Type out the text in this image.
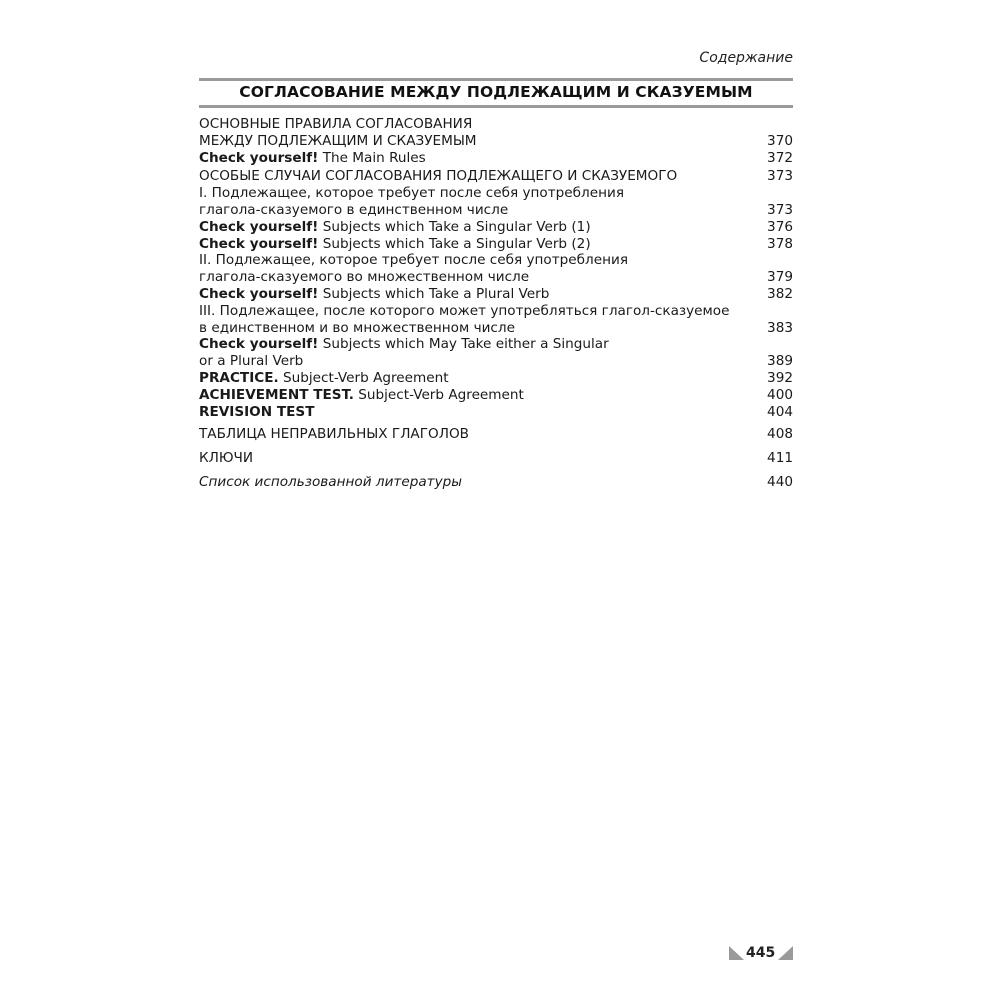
Содержание
СОГЛАСОВАНИЕ МЕЖДУ ПОДЛЕЖАЩИМ И СКАЗУЕМЫМ
ОСНОВНЫЕ ПРАВИЛА СОГЛАСОВАНИЯ
МЕЖДУ ПОДЛЕЖАЩИМ И СКАЗУЕМЫМ	370
Check yourself! The Main Rules	372
ОСОБЫЕ СЛУЧАИ СОГЛАСОВАНИЯ ПОДЛЕЖАЩЕГО И СКАЗУЕМОГО	373
I. Подлежащее, которое требует после себя употребления
глагола-сказуемого в единственном числе	373
Check yourself! Subjects which Take a Singular Verb (1)	376
Check yourself! Subjects which Take a Singular Verb (2)	378
II. Подлежащее, которое требует после себя употребления
глагола-сказуемого во множественном числе	379
Check yourself! Subjects which Take a Plural Verb	382
III. Подлежащее, после которого может употребляться глагол-сказуемое
в единственном и во множественном числе	383
Check yourself! Subjects which May Take either a Singular
or a Plural Verb	389
PRACTICE. Subject-Verb Agreement	392
ACHIEVEMENT TEST. Subject-Verb Agreement	400
REVISION TEST	404
ТАБЛИЦА НЕПРАВИЛЬНЫХ ГЛАГОЛОВ	408
КЛЮЧИ	411
Список использованной литературы	440
445
